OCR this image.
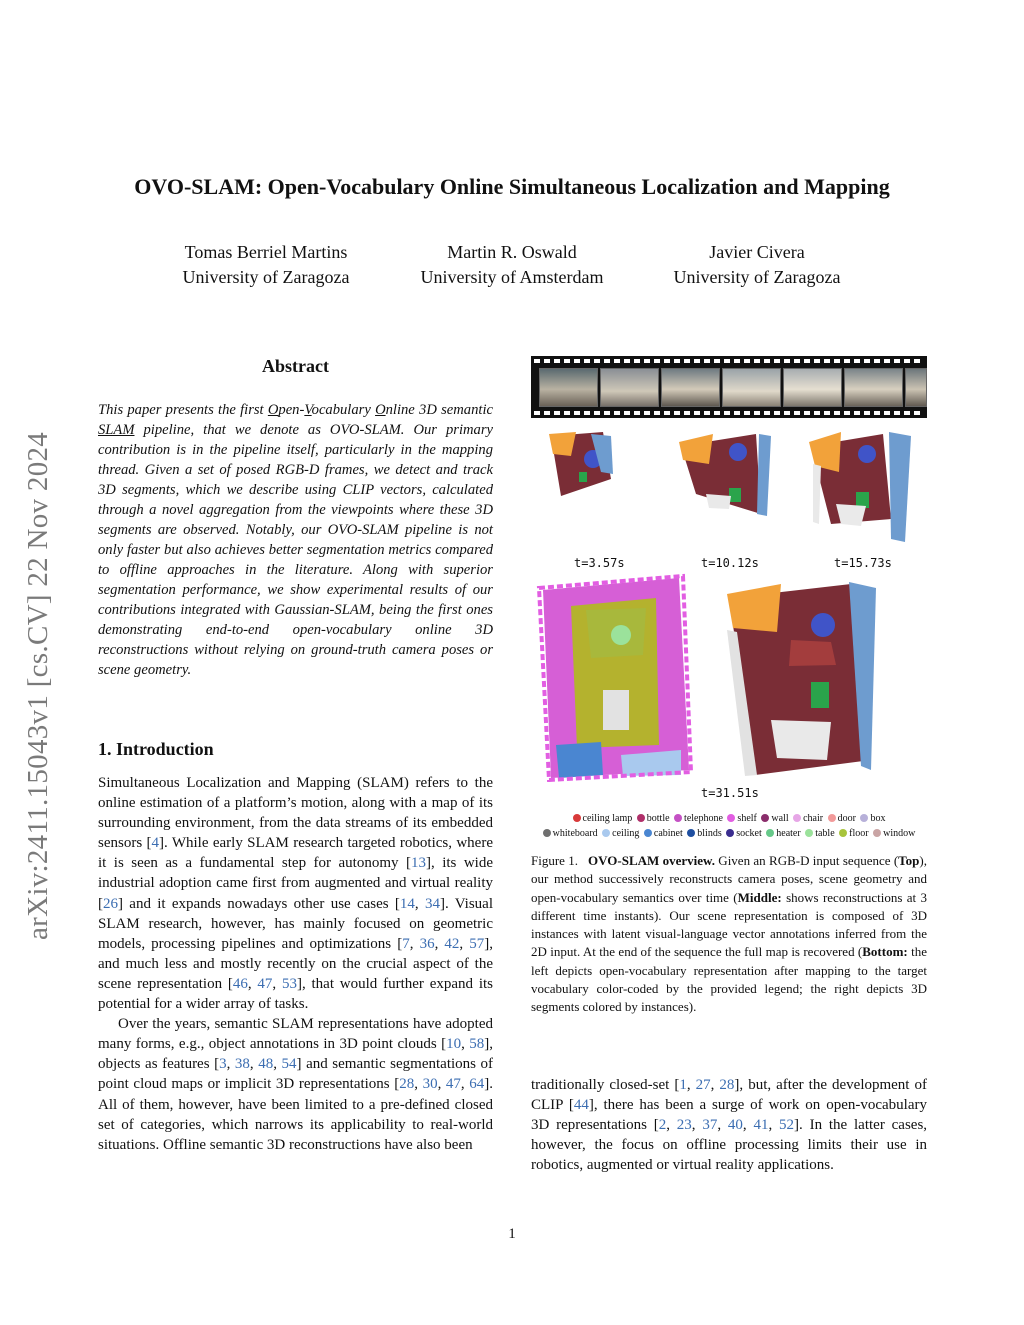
OVO-SLAM: Open-Vocabulary Online Simultaneous Localization and Mapping
Tomas Berriel Martins
University of Zaragoza
Martin R. Oswald
University of Amsterdam
Javier Civera
University of Zaragoza
arXiv:2411.15043v1 [cs.CV] 22 Nov 2024
Abstract
This paper presents the first Open-Vocabulary Online 3D semantic SLAM pipeline, that we denote as OVO-SLAM. Our primary contribution is in the pipeline itself, particularly in the mapping thread. Given a set of posed RGB-D frames, we detect and track 3D segments, which we describe using CLIP vectors, calculated through a novel aggregation from the viewpoints where these 3D segments are observed. Notably, our OVO-SLAM pipeline is not only faster but also achieves better segmentation metrics compared to offline approaches in the literature. Along with superior segmentation performance, we show experimental results of our contributions integrated with Gaussian-SLAM, being the first ones demonstrating end-to-end open-vocabulary online 3D reconstructions without relying on ground-truth camera poses or scene geometry.
1. Introduction

Simultaneous Localization and Mapping (SLAM) refers to the online estimation of a platform’s motion, along with a map of its surrounding environment, from the data streams of its embedded sensors [4]. While early SLAM research targeted robotics, where it is seen as a fundamental step for autonomy [13], its wide industrial adoption came first from augmented and virtual reality [26] and it expands nowadays other use cases [14, 34]. Visual SLAM research, however, has mainly focused on geometric models, processing pipelines and optimizations [7, 36, 42, 57], and much less and mostly recently on the crucial aspect of the scene representation [46, 47, 53], that would further expand its potential for a wider array of tasks.

Over the years, semantic SLAM representations have adopted many forms, e.g., object annotations in 3D point clouds [10, 58], objects as features [3, 38, 48, 54] and semantic segmentations of point cloud maps or implicit 3D representations [28, 30, 47, 64]. All of them, however, have been limited to a pre-defined closed set of categories, which narrows its applicability to real-world situations. Offline semantic 3D reconstructions have also been

traditionally closed-set [1, 27, 28], but, after the development of CLIP [44], there has been a surge of work on open-vocabulary 3D representations [2, 23, 37, 40, 41, 52]. In the latter cases, however, the focus on offline processing limits their use in robotics, augmented or virtual reality applications.

t=3.57s	t=10.12s	t=15.73s
t=31.51s
ceiling lamp bottle telephone shelf wall chair door box
whiteboard ceiling cabinet blinds socket heater table floor window
Figure 1. OVO-SLAM overview. Given an RGB-D input sequence (Top), our method successively reconstructs camera poses, scene geometry and open-vocabulary semantics over time (Middle: shows reconstructions at 3 different time instants). Our scene representation is composed of 3D instances with latent visual-language vector annotations inferred from the 2D input. At the end of the sequence the full map is recovered (Bottom: the left depicts open-vocabulary representation after mapping to the target vocabulary color-coded by the provided legend; the right depicts 3D segments colored by instances).
1
